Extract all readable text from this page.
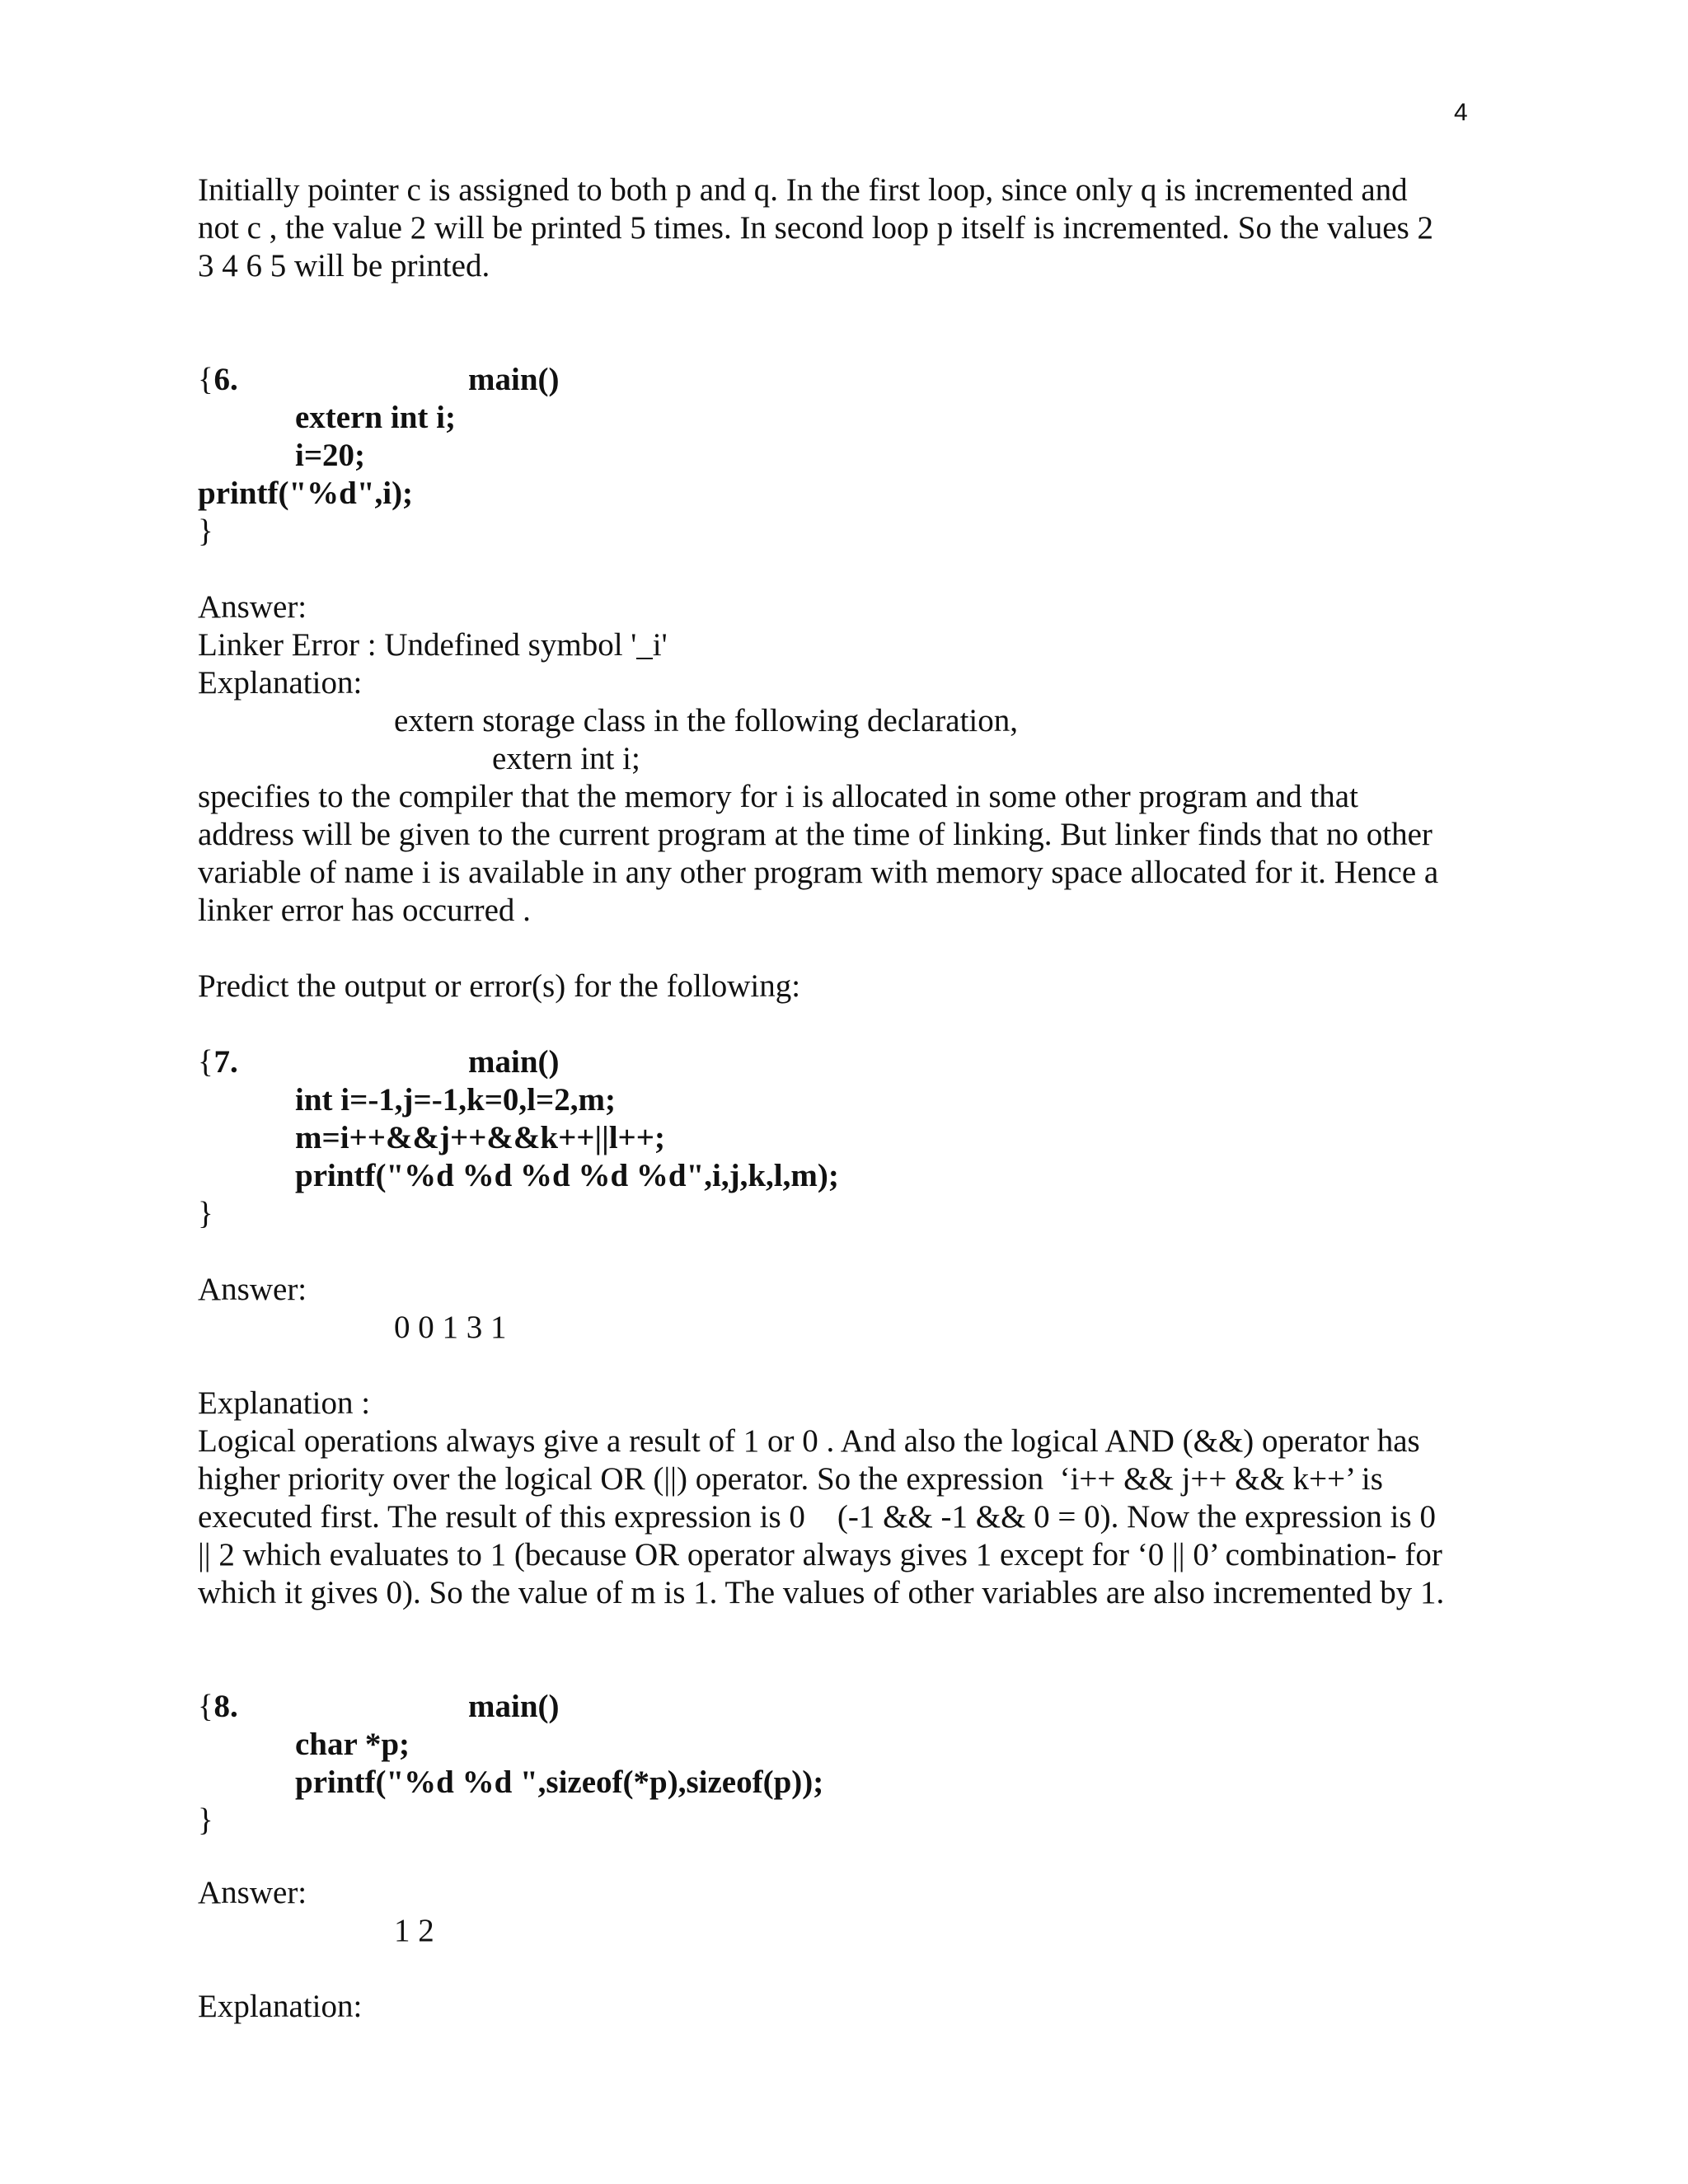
4
Initially pointer c is assigned to both p and q. In the first loop, since only q is incremented and
not c , the value 2 will be printed 5 times. In second loop p itself is incremented. So the values 2
3 4 6 5 will be printed.

6.	main()

{
extern int i;
i=20;
printf("%d",i);
}
Answer:
Linker Error : Undefined symbol '_i'
Explanation:
extern storage class in the following declaration,
extern int i;
specifies to the compiler that the memory for i is allocated in some other program and that
address will be given to the current program at the time of linking. But linker finds that no other
variable of name i is available in any other program with memory space allocated for it. Hence a
linker error has occurred .
Predict the output or error(s) for the following:

7.	main()

{
int i=-1,j=-1,k=0,l=2,m;
m=i++&&j++&&k++||l++;
printf("%d %d %d %d %d",i,j,k,l,m);
}
Answer:
0 0 1 3 1
Explanation :
Logical operations always give a result of 1 or 0 . And also the logical AND (&&) operator has
higher priority over the logical OR (||) operator. So the expression  ‘i++ && j++ && k++’ is
executed first. The result of this expression is 0    (-1 && -1 && 0 = 0). Now the expression is 0
|| 2 which evaluates to 1 (because OR operator always gives 1 except for ‘0 || 0’ combination- for
which it gives 0). So the value of m is 1. The values of other variables are also incremented by 1.

8.	main()

{
char *p;
printf("%d %d ",sizeof(*p),sizeof(p));
}
Answer:
1 2
Explanation:
